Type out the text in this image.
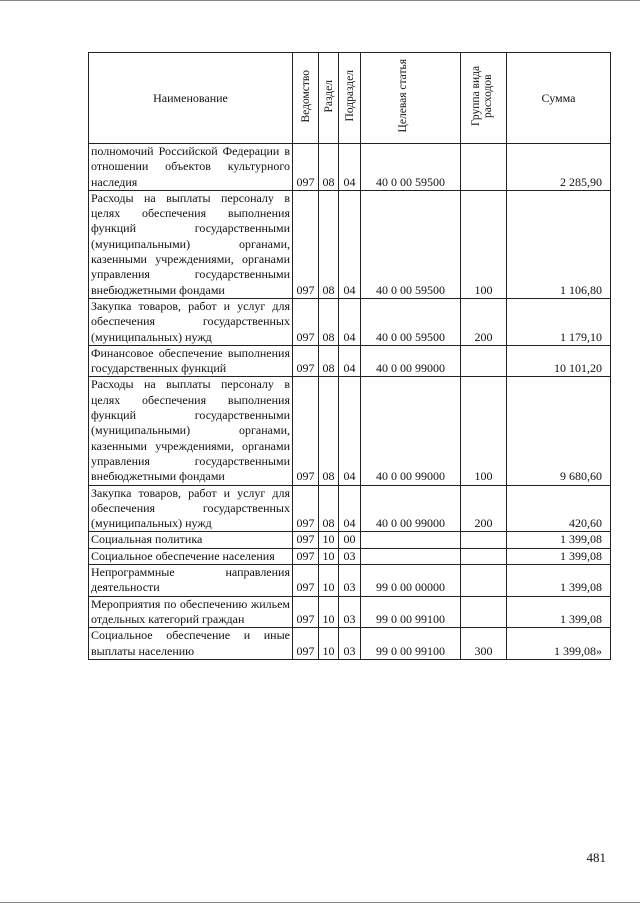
Наименование	Ведомство	Раздел	Подраздел	Целевая статья	Группа вида расходов	Сумма
полномочий Российской Федерации в отношении объектов культурного наследия	097	08	04	40 0 00 59500		2 285,90
Расходы на выплаты персоналу в целях обеспечения выполнения функций государственными (муниципальными) органами, казенными учреждениями, органами управления государственными внебюджетными фондами	097	08	04	40 0 00 59500	100	1 106,80
Закупка товаров, работ и услуг для обеспечения государственных (муниципальных) нужд	097	08	04	40 0 00 59500	200	1 179,10
Финансовое обеспечение выполнения государственных функций	097	08	04	40 0 00 99000		10 101,20
Расходы на выплаты персоналу в целях обеспечения выполнения функций государственными (муниципальными) органами, казенными учреждениями, органами управления государственными внебюджетными фондами	097	08	04	40 0 00 99000	100	9 680,60
Закупка товаров, работ и услуг для обеспечения государственных (муниципальных) нужд	097	08	04	40 0 00 99000	200	420,60
Социальная политика	097	10	00			1 399,08
Социальное обеспечение населения	097	10	03			1 399,08
Непрограммные направления деятельности	097	10	03	99 0 00 00000		1 399,08
Мероприятия по обеспечению жильем отдельных категорий граждан	097	10	03	99 0 00 99100		1 399,08
Социальное обеспечение и иные выплаты населению	097	10	03	99 0 00 99100	300	1 399,08»
481
